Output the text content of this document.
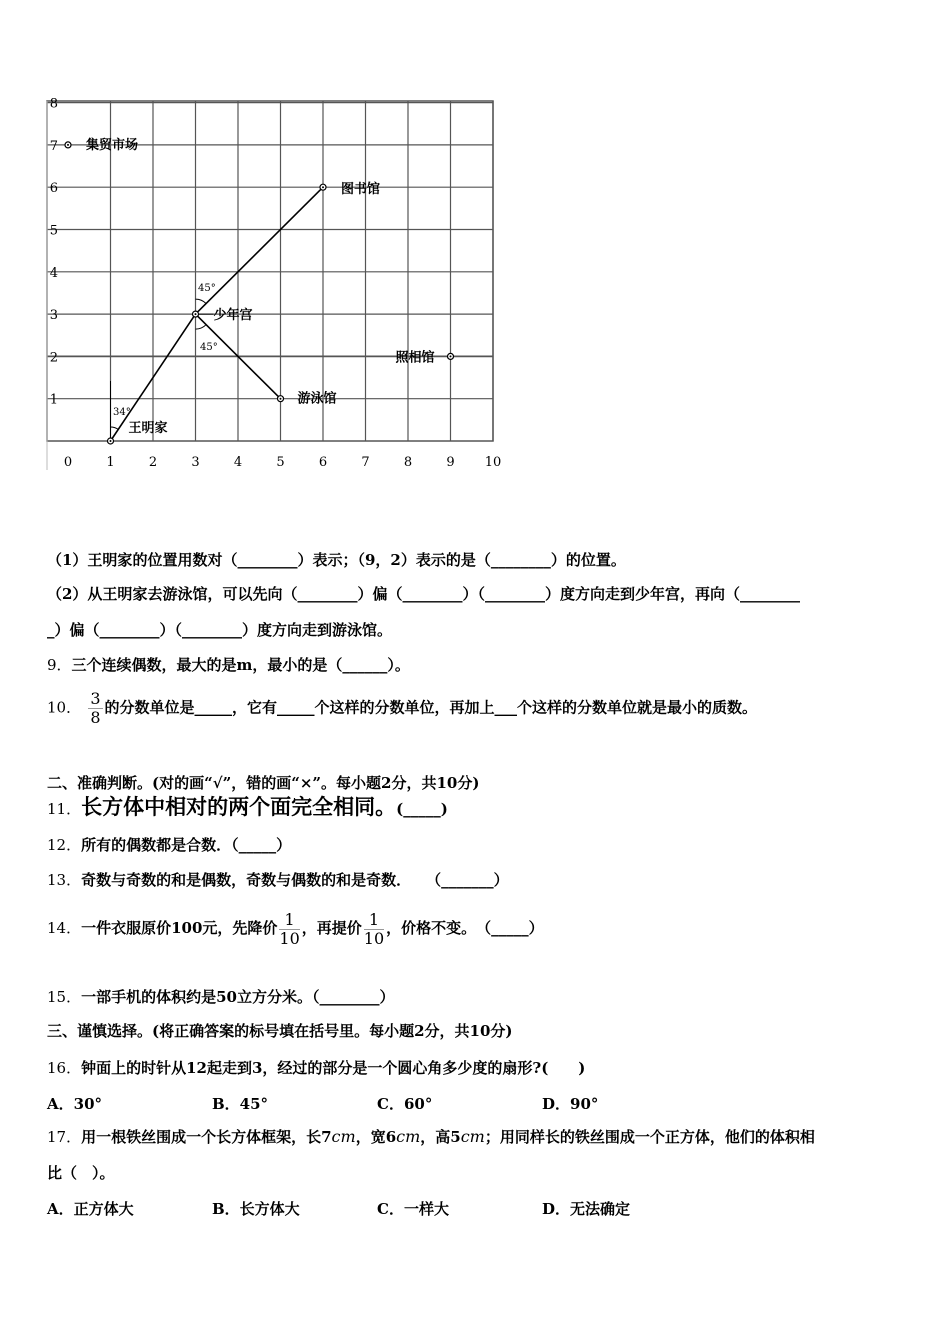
0	1	2	3	4	5	6	7	8	9 10
1
2
3
4
5
6
7
8
45°
45°
34°
集贸市场
图书馆
少年宫
照相馆
游泳馆
王明家
（1）王明家的位置用数对（________）表示；（9，2）表示的是（________）的位置。
（2）从王明家去游泳馆，可以先向（________）偏（________）（________）度方向走到少年宫，再向（________
_）偏（________）（________）度方向走到游泳馆。
9．三个连续偶数，最大的是m，最小的是（______）。
10． $\frac{3}{8}$ 的分数单位是_____，它有_____个这样的分数单位，再加上___个这样的分数单位就是最小的质数。
二、准确判断。(对的画“√”，错的画“×”。每小题2分，共10分)
11．长方体中相对的两个面完全相同。(_____)
12．所有的偶数都是合数．（_____）
13．奇数与奇数的和是偶数，奇数与偶数的和是奇数．　　（_______）
14．一件衣服原价100元，先降价 $\frac{1}{10}$ ，再提价 $\frac{1}{10}$ ，价格不变。　（_____）
15．一部手机的体积约是50立方分米。（________）
三、谨慎选择。(将正确答案的标号填在括号里。每小题2分，共10分)
16．钟面上的时针从12起走到3，经过的部分是一个圆心角多少度的扇形?(　　)
A．30°	B．45°	C．60°	D．90°
17．用一根铁丝围成一个长方体框架，长7cm，宽6cm，高5cm；用同样长的铁丝围成一个正方体，他们的体积相
比（　）。
A．正方体大	B．长方体大	C．一样大	D．无法确定
